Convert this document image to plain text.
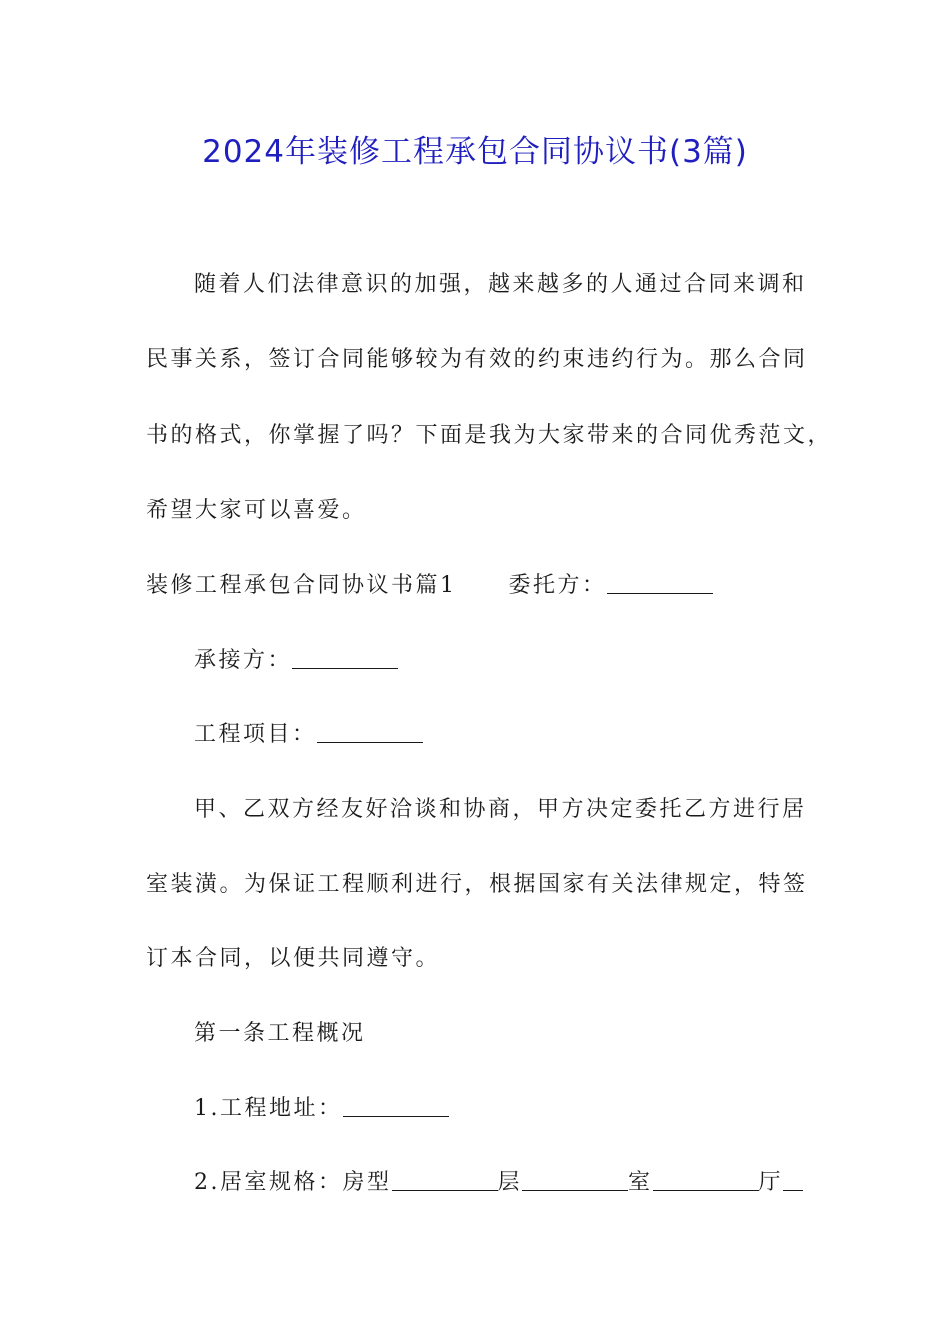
2024年装修工程承包合同协议书(3篇)
随着人们法律意识的加强，越来越多的人通过合同来调和
民事关系，签订合同能够较为有效的约束违约行为。那么合同
书的格式，你掌握了吗？下面是我为大家带来的合同优秀范文，
希望大家可以喜爱。
装修工程承包合同协议书篇1 委托方：
承接方：
工程项目：
甲、乙双方经友好洽谈和协商，甲方决定委托乙方进行居
室装潢。为保证工程顺利进行，根据国家有关法律规定，特签
订本合同，以便共同遵守。
第一条工程概况
1.工程地址：
2.居室规格：房型	层	室	厅
